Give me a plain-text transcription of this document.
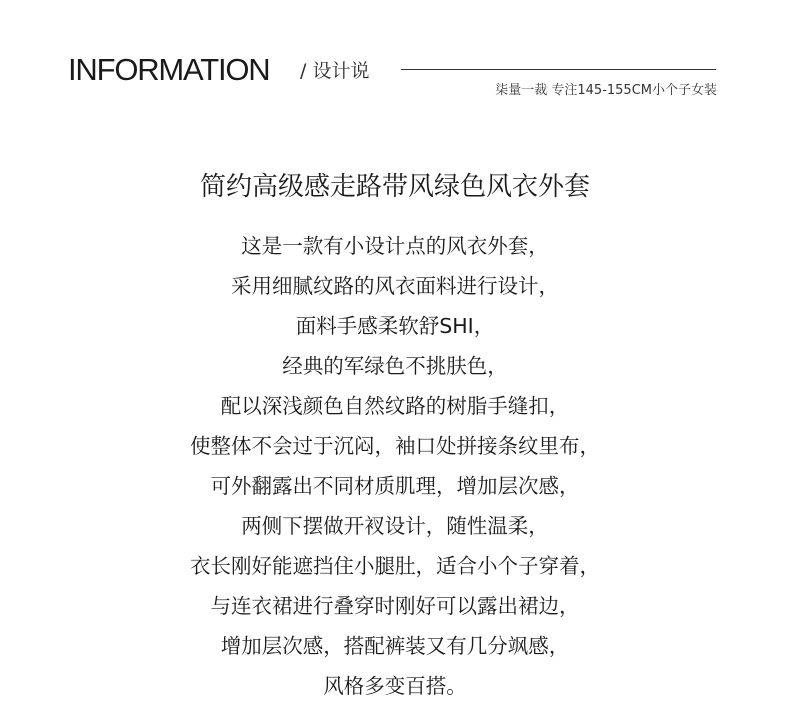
INFORMATION / 设计说
柒量一裁 专注145-155CM小个子女装
简约高级感走路带风绿色风衣外套
这是一款有小设计点的风衣外套，
采用细腻纹路的风衣面料进行设计，
面料手感柔软舒SHI，
经典的军绿色不挑肤色，
配以深浅颜色自然纹路的树脂手缝扣，
使整体不会过于沉闷，袖口处拼接条纹里布，
可外翻露出不同材质肌理，增加层次感，
两侧下摆做开衩设计，随性温柔，
衣长刚好能遮挡住小腿肚，适合小个子穿着，
与连衣裙进行叠穿时刚好可以露出裙边，
增加层次感，搭配裤装又有几分飒感，
风格多变百搭。
